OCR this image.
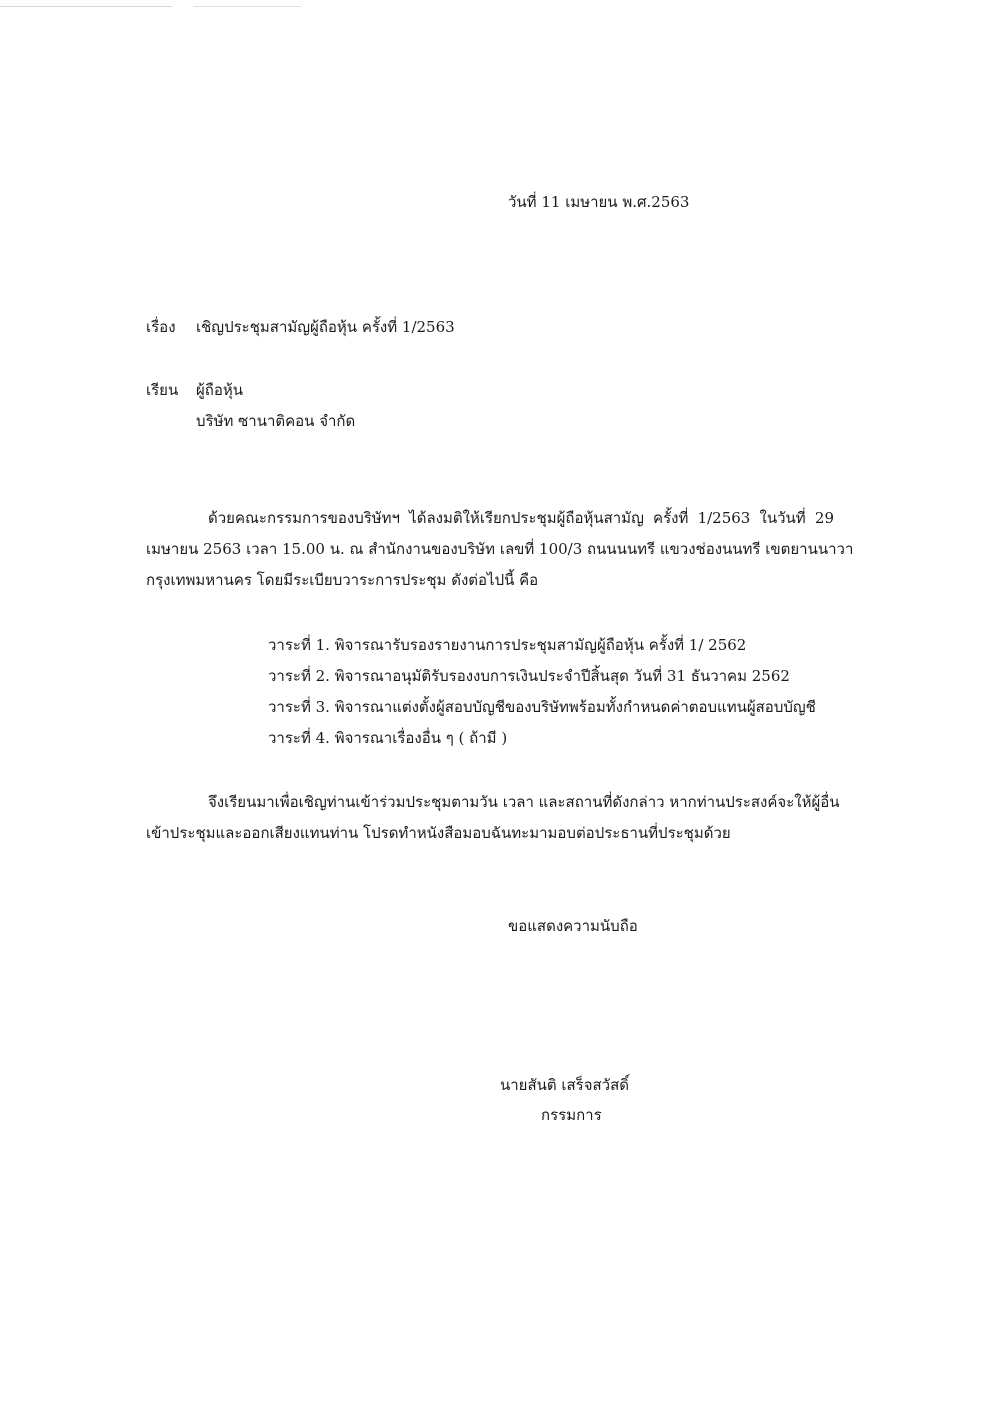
วันที่ 11 เมษายน พ.ศ.2563
เรื่อง เชิญประชุมสามัญผู้ถือหุ้น ครั้งที่ 1/2563
เรียน ผู้ถือหุ้น
บริษัท ซานาติคอน จำกัด
ด้วยคณะกรรมการของบริษัทฯ ได้ลงมติให้เรียกประชุมผู้ถือหุ้นสามัญ ครั้งที่ 1/2563 ในวันที่ 29
เมษายน 2563 เวลา 15.00 น. ณ สำนักงานของบริษัท เลขที่ 100/3 ถนนนนทรี แขวงช่องนนทรี เขตยานนาวา
กรุงเทพมหานคร โดยมีระเบียบวาระการประชุม ดังต่อไปนี้ คือ
วาระที่ 1. พิจารณารับรองรายงานการประชุมสามัญผู้ถือหุ้น ครั้งที่ 1/ 2562
วาระที่ 2. พิจารณาอนุมัติรับรองงบการเงินประจำปีสิ้นสุด วันที่ 31 ธันวาคม 2562
วาระที่ 3. พิจารณาแต่งตั้งผู้สอบบัญชีของบริษัทพร้อมทั้งกำหนดค่าตอบแทนผู้สอบบัญชี
วาระที่ 4. พิจารณาเรื่องอื่น ๆ ( ถ้ามี )
จึงเรียนมาเพื่อเชิญท่านเข้าร่วมประชุมตามวัน เวลา และสถานที่ดังกล่าว หากท่านประสงค์จะให้ผู้อื่น
เข้าประชุมและออกเสียงแทนท่าน โปรดทำหนังสือมอบฉันทะมามอบต่อประธานที่ประชุมด้วย
ขอแสดงความนับถือ
นายสันติ เสร็จสวัสดิ์
กรรมการ
